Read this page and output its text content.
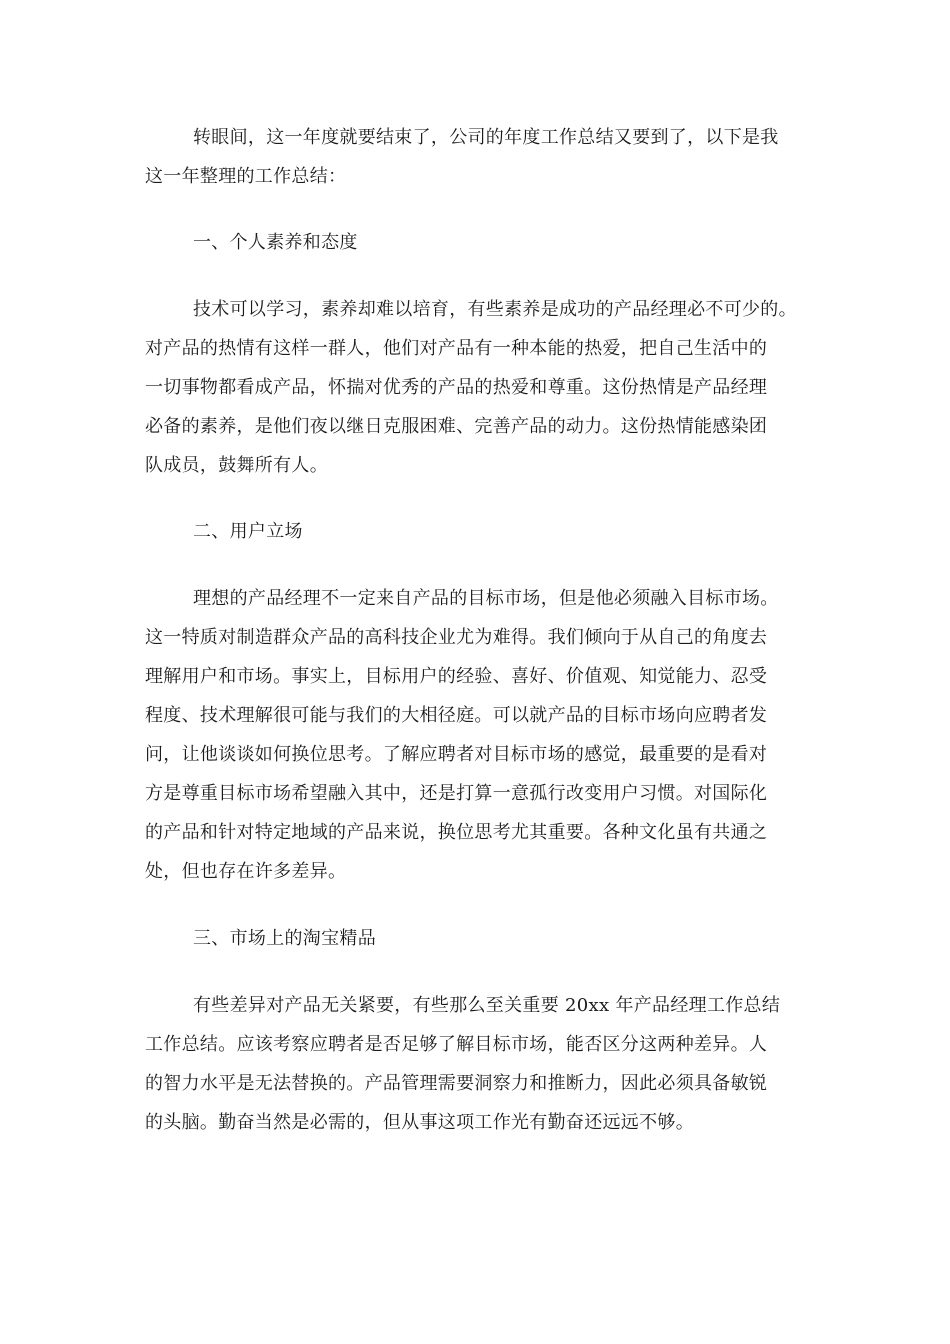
转眼间，这一年度就要结束了，公司的年度工作总结又要到了，以下是我
这一年整理的工作总结：
一、个人素养和态度
技术可以学习，素养却难以培育，有些素养是成功的产品经理必不可少的。
对产品的热情有这样一群人，他们对产品有一种本能的热爱，把自己生活中的
一切事物都看成产品，怀揣对优秀的产品的热爱和尊重。这份热情是产品经理
必备的素养，是他们夜以继日克服困难、完善产品的动力。这份热情能感染团
队成员，鼓舞所有人。
二、用户立场
理想的产品经理不一定来自产品的目标市场，但是他必须融入目标市场。
这一特质对制造群众产品的高科技企业尤为难得。我们倾向于从自己的角度去
理解用户和市场。事实上，目标用户的经验、喜好、价值观、知觉能力、忍受
程度、技术理解很可能与我们的大相径庭。可以就产品的目标市场向应聘者发
问，让他谈谈如何换位思考。了解应聘者对目标市场的感觉，最重要的是看对
方是尊重目标市场希望融入其中，还是打算一意孤行改变用户习惯。对国际化
的产品和针对特定地域的产品来说，换位思考尤其重要。各种文化虽有共通之
处，但也存在许多差异。
三、市场上的淘宝精品
有些差异对产品无关紧要，有些那么至关重要 20xx 年产品经理工作总结
工作总结。应该考察应聘者是否足够了解目标市场，能否区分这两种差异。人
的智力水平是无法替换的。产品管理需要洞察力和推断力，因此必须具备敏锐
的头脑。勤奋当然是必需的，但从事这项工作光有勤奋还远远不够。
